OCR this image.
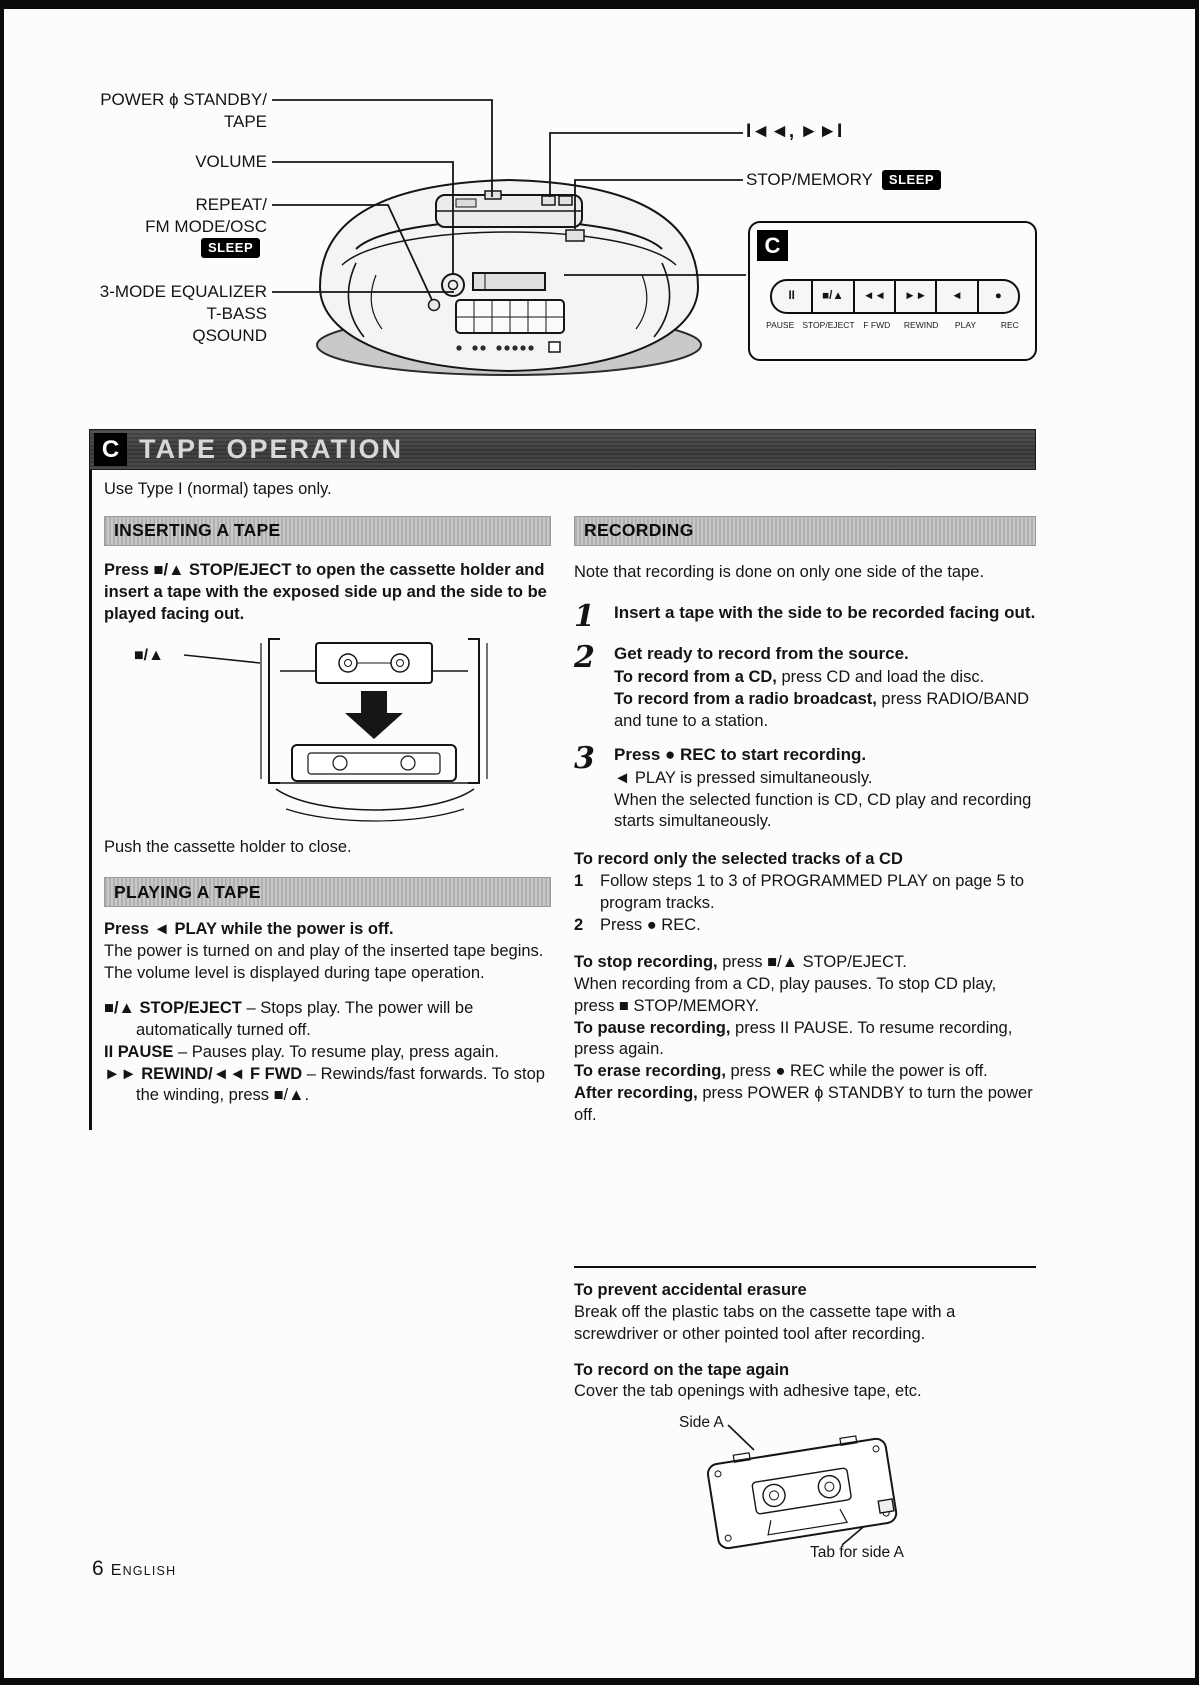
POWER ɸ STANDBY/
TAPE
VOLUME
REPEAT/
FM MODE/OSC
SLEEP
3-MODE EQUALIZER
T-BASS
QSOUND
I◄◄, ►►I
STOP/MEMORY SLEEP
C
II	■/▲	◄◄	►►	◄	●
PAUSE STOP/EJECT	F FWD	REWIND	PLAY	REC
C TAPE OPERATION

Use Type I (normal) tapes only.

INSERTING A TAPE

Press ■/▲ STOP/EJECT to open the cassette holder and insert a tape with the exposed side up and the side to be played facing out.

■/▲

Push the cassette holder to close.

PLAYING A TAPE

Press ◄ PLAY while the power is off.

The power is turned on and play of the inserted tape begins.

The volume level is displayed during tape operation.

■/▲ STOP/EJECT – Stops play. The power will be automatically turned off.

II PAUSE – Pauses play. To resume play, press again.

►► REWIND/◄◄ F FWD – Rewinds/fast forwards. To stop the winding, press ■/▲.

RECORDING

Note that recording is done on only one side of the tape.

1	Insert a tape with the side to be recorded facing out.
2	Get ready to record from the source.
To record from a CD, press CD and load the disc.
To record from a radio broadcast, press RADIO/BAND and tune to a station.
3	Press ● REC to start recording.
◄ PLAY is pressed simultaneously.
When the selected function is CD, CD play and recording starts simultaneously.

To record only the selected tracks of a CD

1	Follow steps 1 to 3 of PROGRAMMED PLAY on page 5 to program tracks.
2	Press ● REC.

To stop recording, press ■/▲ STOP/EJECT.

When recording from a CD, play pauses. To stop CD play, press ■ STOP/MEMORY.

To pause recording, press II PAUSE. To resume recording, press again.

To erase recording, press ● REC while the power is off.

After recording, press POWER ɸ STANDBY to turn the power off.

To prevent accidental erasure

Break off the plastic tabs on the cassette tape with a screwdriver or other pointed tool after recording.

To record on the tape again

Cover the tab openings with adhesive tape, etc.

Side A
Tab for side A
6 ENGLISH
